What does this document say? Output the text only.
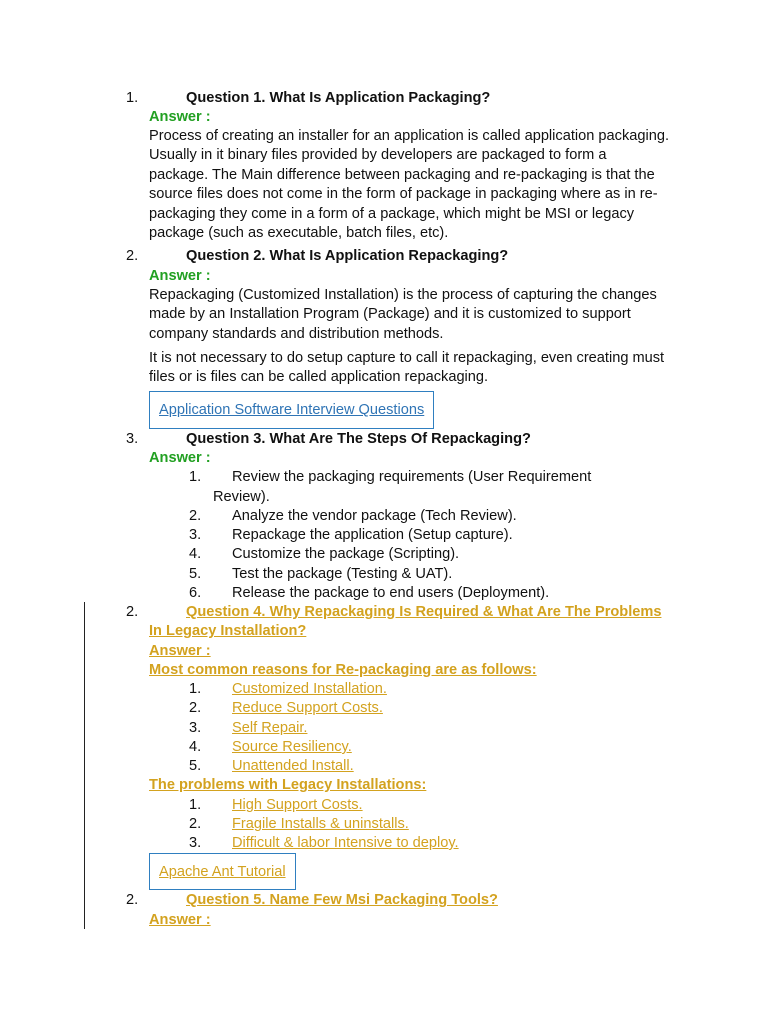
1.	Question 1. What Is Application Packaging?
Answer :
Process of creating an installer for an application is called application packaging. Usually in it binary files provided by developers are packaged to form a package. The Main difference between packaging and re-packaging is that the source files does not come in the form of package in packaging where as in re-packaging they come in a form of a package, which might be MSI or legacy package (such as executable, batch files, etc).
2.	Question 2. What Is Application Repackaging?
Answer :
Repackaging (Customized Installation) is the process of capturing the changes made by an Installation Program (Package) and it is customized to support company standards and distribution methods.
It is not necessary to do setup capture to call it repackaging, even creating must files or is files can be called application repackaging.
Application Software Interview Questions
3.	Question 3. What Are The Steps Of Repackaging?
Answer :
1. Review the packaging requirements (User Requirement
Review).
2. Analyze the vendor package (Tech Review).
3. Repackage the application (Setup capture).
4. Customize the package (Scripting).
5. Test the package (Testing & UAT).
6. Release the package to end users (Deployment).
2.	Question 4. Why Repackaging Is Required & What Are The Problems
In Legacy Installation?
Answer :
Most common reasons for Re-packaging are as follows:
1. Customized Installation.
2. Reduce Support Costs.
3. Self Repair.
4. Source Resiliency.
5. Unattended Install.
The problems with Legacy Installations:
1. High Support Costs.
2. Fragile Installs & uninstalls.
3. Difficult & labor Intensive to deploy.
Apache Ant Tutorial
2.	Question 5. Name Few Msi Packaging Tools?
Answer :
